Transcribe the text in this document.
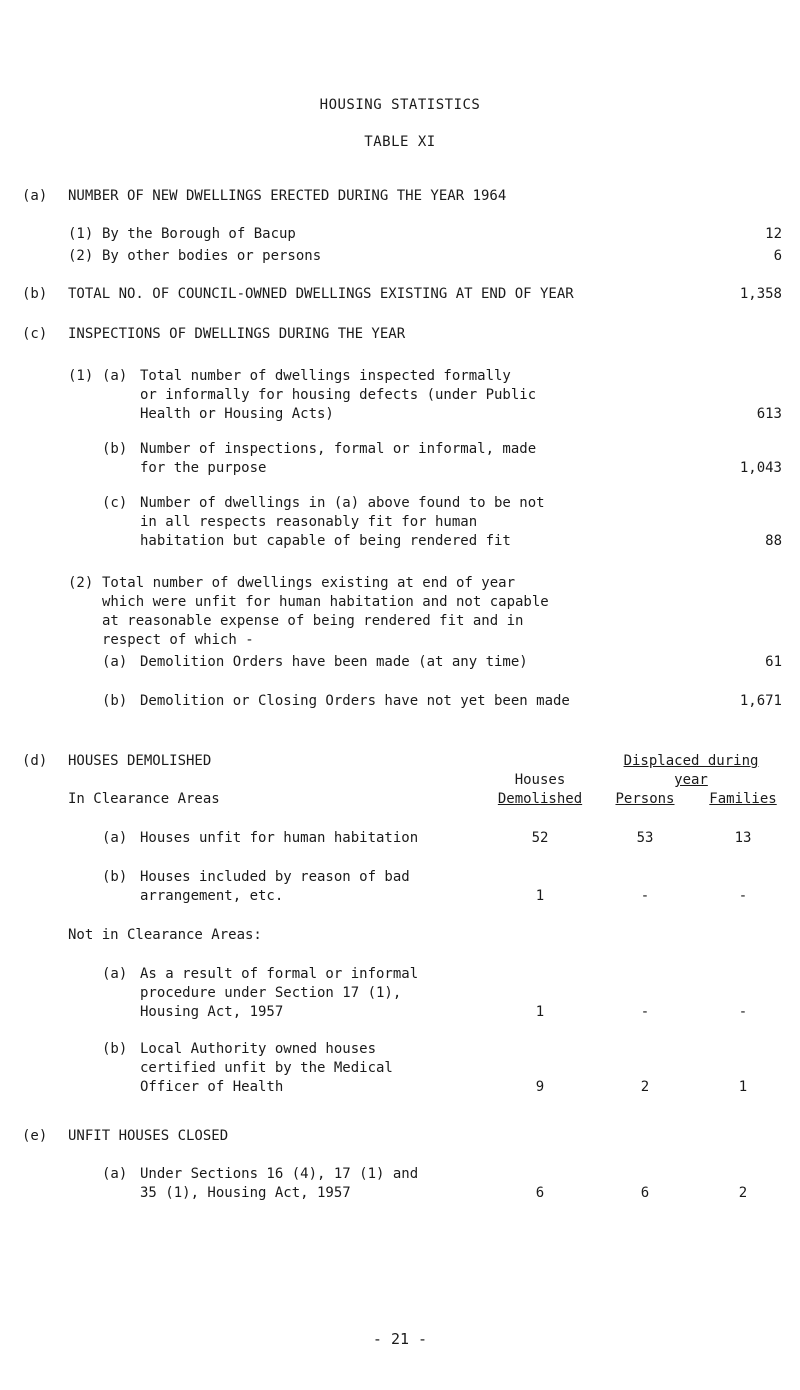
HOUSING STATISTICS
TABLE XI
(a) NUMBER OF NEW DWELLINGS ERECTED DURING THE YEAR 1964
(1) By the Borough of Bacup	12
(2) By other bodies or persons	6
(b) TOTAL NO. OF COUNCIL-OWNED DWELLINGS EXISTING AT END OF YEAR	1,358
(c) INSPECTIONS OF DWELLINGS DURING THE YEAR
(1) (a) Total number of dwellings inspected formally
or informally for housing defects (under Public
Health or Housing Acts)	613
(b) Number of inspections, formal or informal, made
for the purpose	1,043
(c) Number of dwellings in (a) above found to be not
in all respects reasonably fit for human
habitation but capable of being rendered fit	88
(2) Total number of dwellings existing at end of year
which were unfit for human habitation and not capable
at reasonable expense of being rendered fit and in
respect of which -
(a) Demolition Orders have been made (at any time)	61
(b) Demolition or Closing Orders have not yet been made	1,671
(d) HOUSES DEMOLISHED	Displaced during
Houses	year
In Clearance Areas	Demolished	Persons	Families
(a) Houses unfit for human habitation	52	53	13
(b) Houses included by reason of bad
arrangement, etc.	1	-	-
Not in Clearance Areas:
(a) As a result of formal or informal
procedure under Section 17 (1),
Housing Act, 1957	1	-	-
(b) Local Authority owned houses
certified unfit by the Medical
Officer of Health	9	2	1
(e) UNFIT HOUSES CLOSED
(a) Under Sections 16 (4), 17 (1) and
35 (1), Housing Act, 1957	6	6	2
- 21 -
